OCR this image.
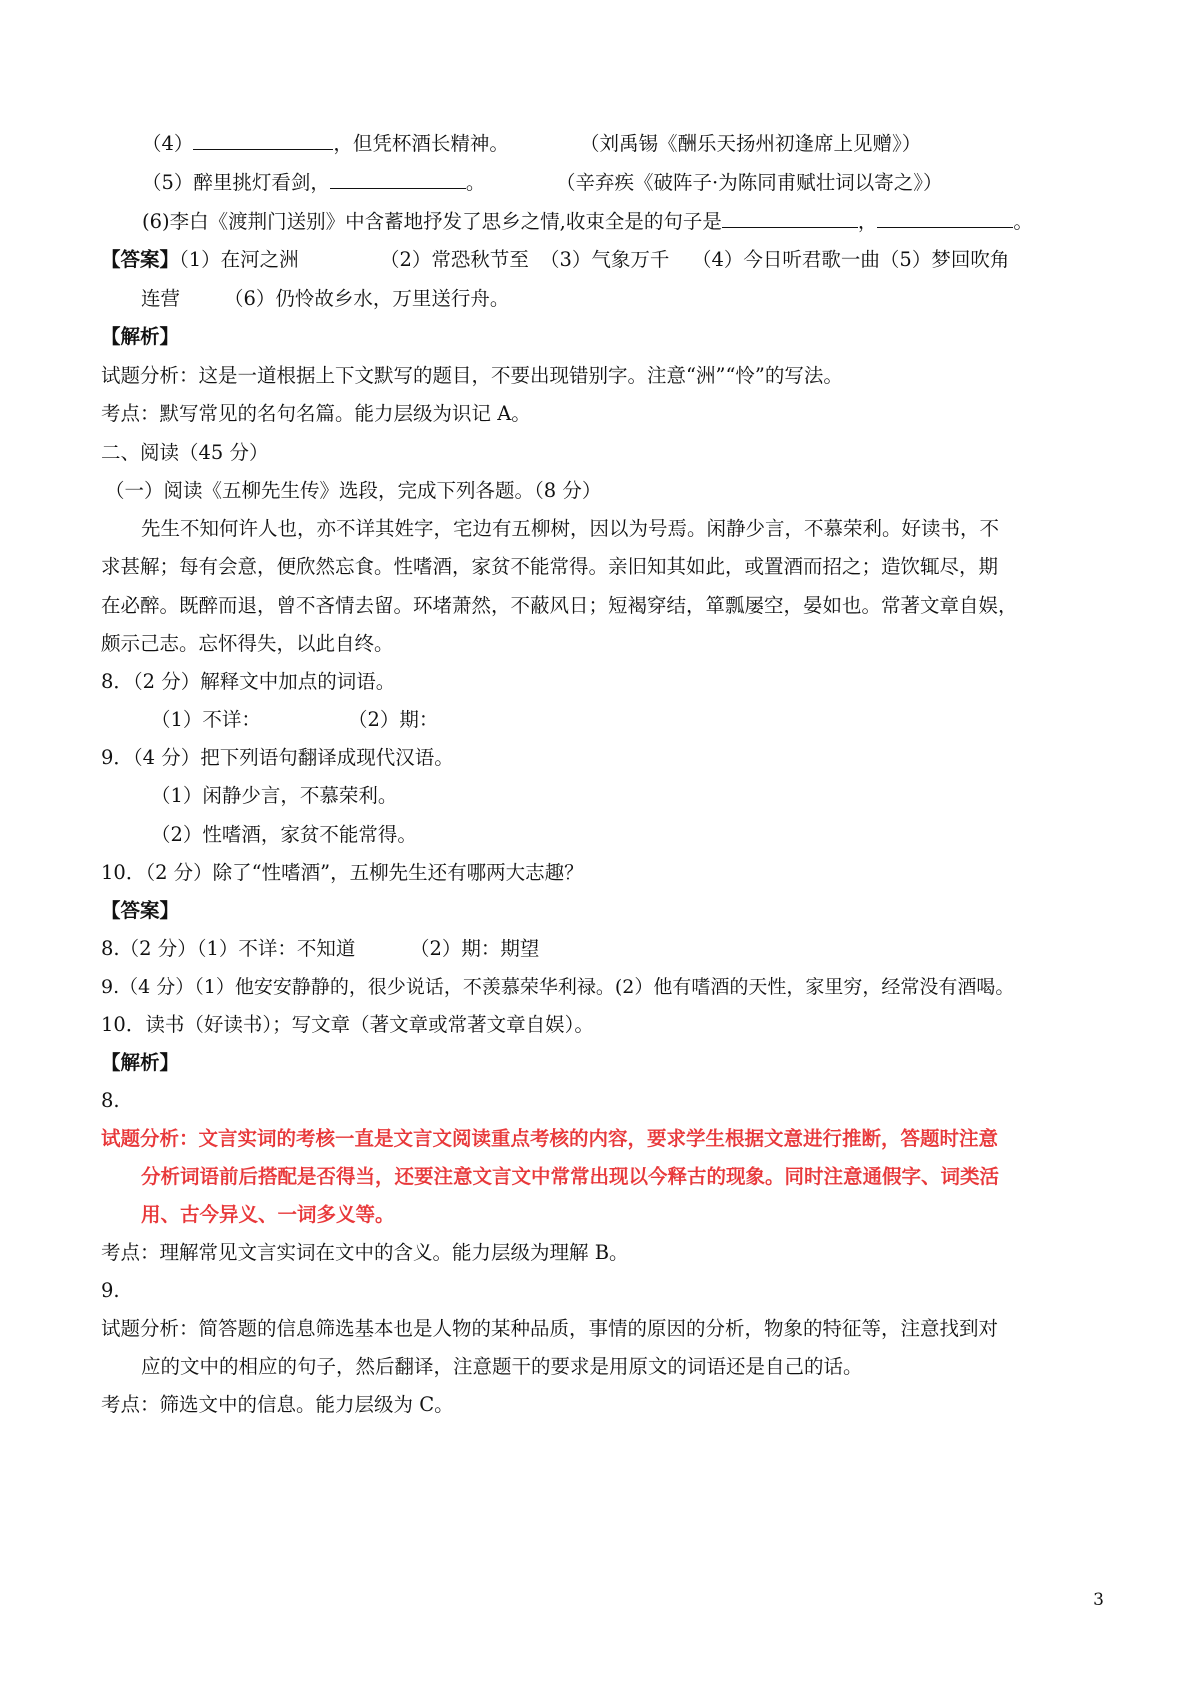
（4）	，但凭杯酒长精神。	（刘禹锡《酬乐天扬州初逢席上见赠》）
（5）醉里挑灯看剑，	。	（辛弃疾《破阵子·为陈同甫赋壮词以寄之》）
(6)李白《渡荆门送别》中含蓄地抒发了思乡之情,收束全是的句子是	，	。
【答案】（1）在河之洲	（2）常恐秋节至 （3）气象万千 （4）今日听君歌一曲（5）梦回吹角
连营 （6）仍怜故乡水，万里送行舟。
【解析】
试题分析：这是一道根据上下文默写的题目，不要出现错别字。注意“洲”“怜”的写法。
考点：默写常见的名句名篇。能力层级为识记 A。
二、阅读（45 分）
（一）阅读《五柳先生传》选段，完成下列各题。（8 分）
先生不知何许人也，亦不详其姓字，宅边有五柳树，因以为号焉。闲静少言，不慕荣利。好读书，不
求甚解；每有会意，便欣然忘食。性嗜酒，家贫不能常得。亲旧知其如此，或置酒而招之；造饮辄尽，期
在必醉。既醉而退，曾不吝情去留。环堵萧然，不蔽风日；短褐穿结，箪瓢屡空，晏如也。常著文章自娱，
颇示己志。忘怀得失，以此自终。
8．（2 分）解释文中加点的词语。
（1）不详：	（2）期：
9．（4 分）把下列语句翻译成现代汉语。
（1）闲静少言，不慕荣利。
（2）性嗜酒，家贫不能常得。
10．（2 分）除了“性嗜酒”，五柳先生还有哪两大志趣？
【答案】
8.（2 分）（1）不详：不知道	（2）期：期望
9.（4 分）（1）他安安静静的，很少说话，不羡慕荣华利禄。(2）他有嗜酒的天性，家里穷，经常没有酒喝。
10．读书（好读书）；写文章（著文章或常著文章自娱）。
【解析】
8.
试题分析：文言实词的考核一直是文言文阅读重点考核的内容，要求学生根据文意进行推断，答题时注意
分析词语前后搭配是否得当，还要注意文言文中常常出现以今释古的现象。同时注意通假字、词类活
用、古今异义、一词多义等。
考点：理解常见文言实词在文中的含义。能力层级为理解 B。
9.
试题分析：简答题的信息筛选基本也是人物的某种品质，事情的原因的分析，物象的特征等，注意找到对
应的文中的相应的句子，然后翻译，注意题干的要求是用原文的词语还是自己的话。
考点：筛选文中的信息。能力层级为 C。
3
